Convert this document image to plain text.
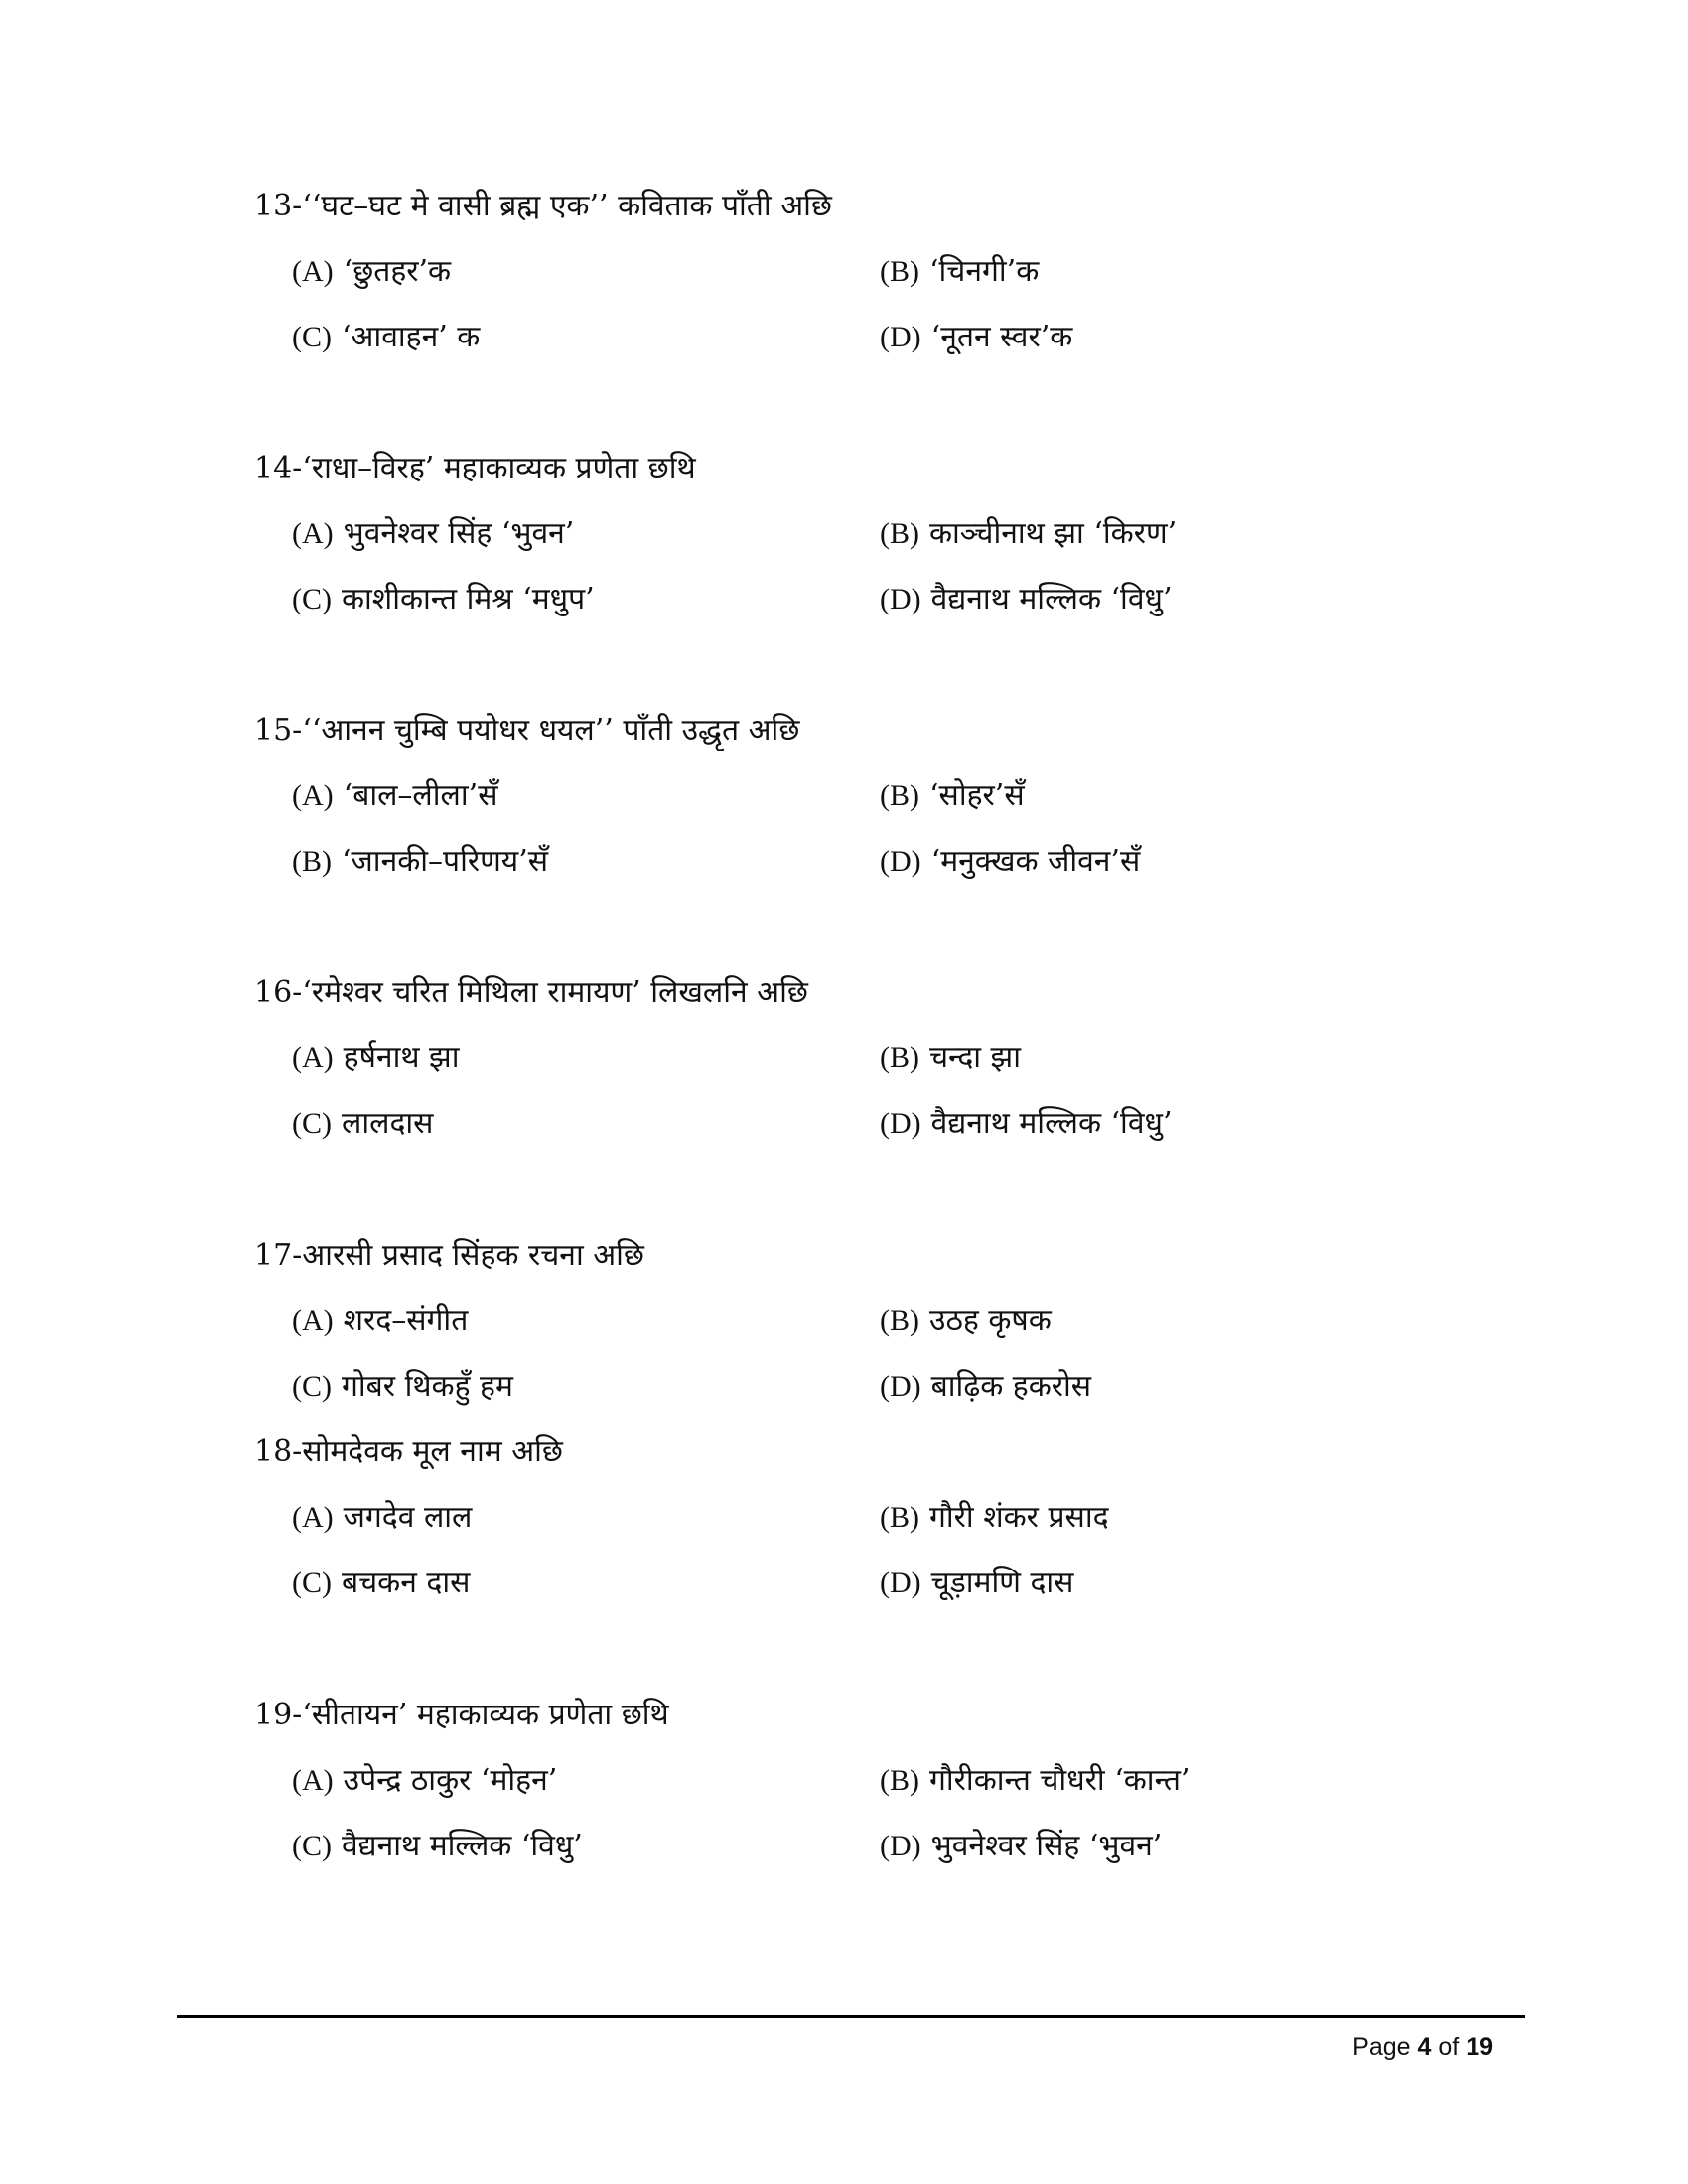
13-‘‘घट–घट मे वासी ब्रह्म एक’’ कविताक पाँती अछि
(A) ‘छुतहर’क	(B) ‘चिनगी’क
(C) ‘आवाहन’ क	(D) ‘नूतन स्वर’क
14-‘राधा–विरह’ महाकाव्यक प्रणेता छथि
(A) भुवनेश्वर सिंह ‘भुवन’	(B) काञ्चीनाथ झा ‘किरण’
(C) काशीकान्त मिश्र ‘मधुप’	(D) वैद्यनाथ मल्लिक ‘विधु’
15-‘‘आनन चुम्बि पयोधर धयल’’ पाँती उद्धृत अछि
(A) ‘बाल–लीला’सँ	(B) ‘सोहर’सँ
(B) ‘जानकी–परिणय’सँ	(D) ‘मनुक्खक जीवन’सँ
16-‘रमेश्वर चरित मिथिला रामायण’ लिखलनि अछि
(A) हर्षनाथ झा	(B) चन्दा झा
(C) लालदास	(D) वैद्यनाथ मल्लिक ‘विधु’
17-आरसी प्रसाद सिंहक रचना अछि
(A) शरद–संगीत	(B) उठह कृषक
(C) गोबर थिकहुँ हम	(D) बाढ़िक हकरोस
18-सोमदेवक मूल नाम अछि
(A) जगदेव लाल	(B) गौरी शंकर प्रसाद
(C) बचकन दास	(D) चूड़ामणि दास
19-‘सीतायन’ महाकाव्यक प्रणेता छथि
(A) उपेन्द्र ठाकुर ‘मोहन’	(B) गौरीकान्त चौधरी ‘कान्त’
(C) वैद्यनाथ मल्लिक ‘विधु’	(D) भुवनेश्वर सिंह ‘भुवन’
Page 4 of 19
